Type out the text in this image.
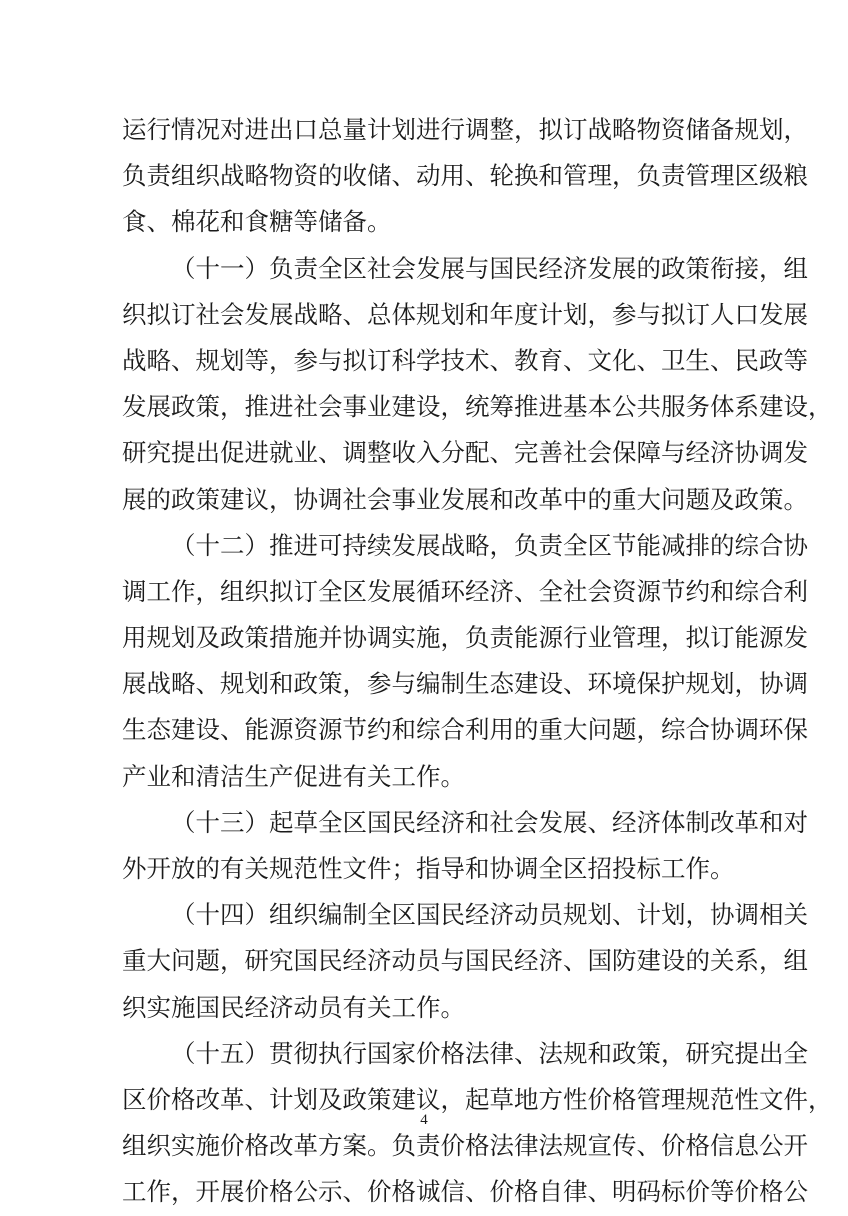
运行情况对进出口总量计划进行调整，拟订战略物资储备规划，
负责组织战略物资的收储、动用、轮换和管理，负责管理区级粮
食、棉花和食糖等储备。
（十一）负责全区社会发展与国民经济发展的政策衔接，组
织拟订社会发展战略、总体规划和年度计划，参与拟订人口发展
战略、规划等，参与拟订科学技术、教育、文化、卫生、民政等
发展政策，推进社会事业建设，统筹推进基本公共服务体系建设，
研究提出促进就业、调整收入分配、完善社会保障与经济协调发
展的政策建议，协调社会事业发展和改革中的重大问题及政策。
（十二）推进可持续发展战略，负责全区节能减排的综合协
调工作，组织拟订全区发展循环经济、全社会资源节约和综合利
用规划及政策措施并协调实施，负责能源行业管理，拟订能源发
展战略、规划和政策，参与编制生态建设、环境保护规划，协调
生态建设、能源资源节约和综合利用的重大问题，综合协调环保
产业和清洁生产促进有关工作。
（十三）起草全区国民经济和社会发展、经济体制改革和对
外开放的有关规范性文件；指导和协调全区招投标工作。
（十四）组织编制全区国民经济动员规划、计划，协调相关
重大问题，研究国民经济动员与国民经济、国防建设的关系，组
织实施国民经济动员有关工作。
（十五）贯彻执行国家价格法律、法规和政策，研究提出全
区价格改革、计划及政策建议，起草地方性价格管理规范性文件，
组织实施价格改革方案。负责价格法律法规宣传、价格信息公开
工作，开展价格公示、价格诚信、价格自律、明码标价等价格公
4
